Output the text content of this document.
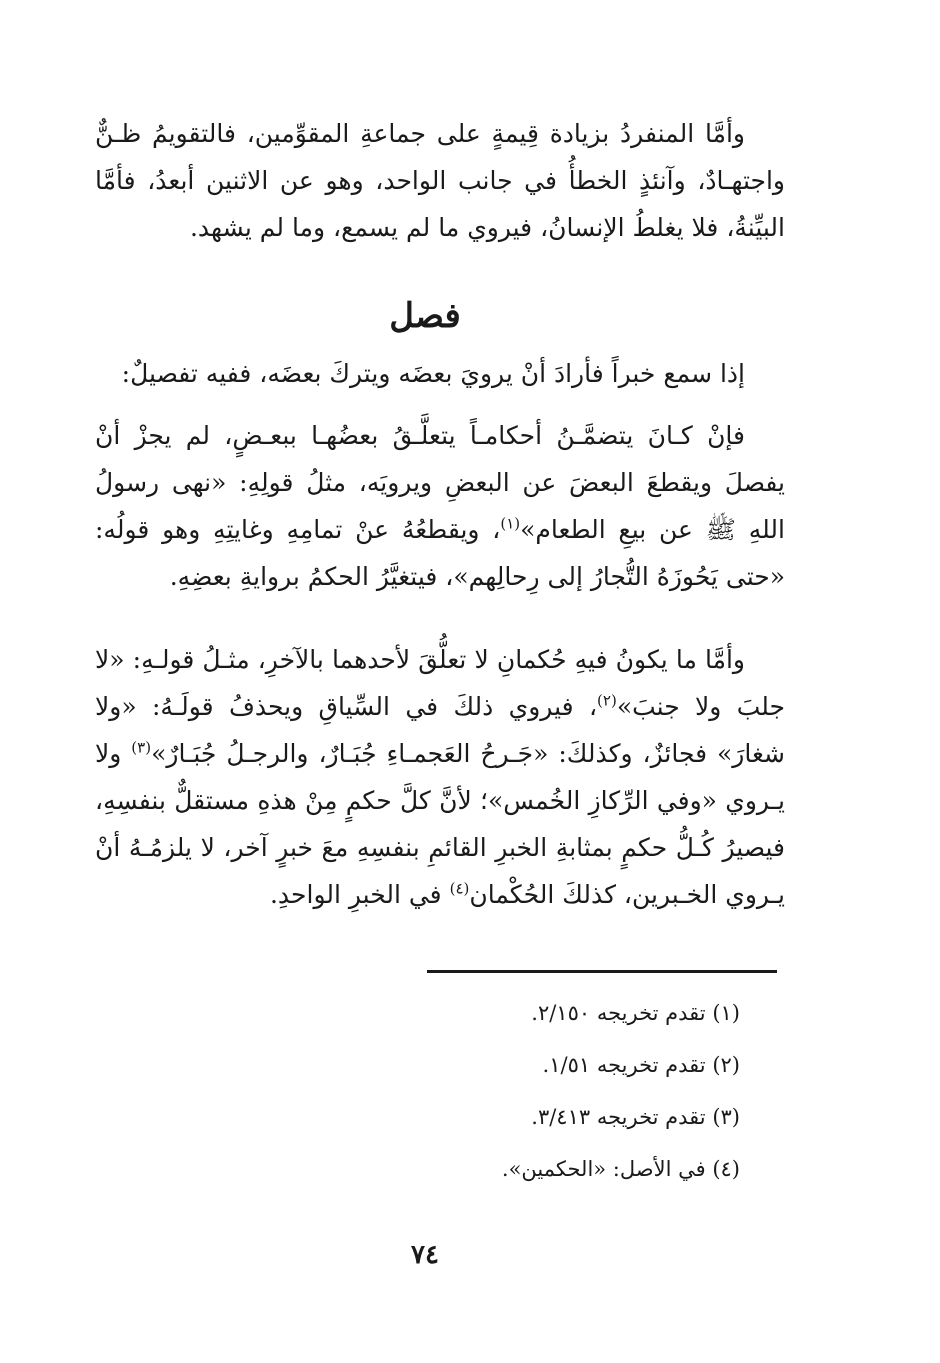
وأمَّا المنفردُ بزيادة قِيمةٍ على جماعةِ المقوِّمين، فالتقويمُ ظـنٌّ واجتهـادٌ، وآنئذٍ الخطأُ في جانب الواحد، وهو عن الاثنين أبعدُ، فأمَّا البيِّنةُ، فلا يغلطُ الإنسانُ، فيروي ما لم يسمع، وما لم يشهد.
فصل
إذا سمع خبراً فأرادَ أنْ يرويَ بعضَه ويتركَ بعضَه، ففيه تفصيلٌ:
فإنْ كـانَ يتضمَّـنُ أحكامـاً يتعلَّـقُ بعضُهـا ببعـضٍ، لم يجزْ أنْ يفصلَ ويقطعَ البعضَ عن البعضِ ويرويَه، مثلُ قولِهِ: «نهى رسولُ اللهِ ﷺ عن بيعِ الطعام»$^{(١)}$، ويقطعُهُ عنْ تمامِهِ وغايتِهِ وهو قولُه: «حتى يَحُوزَهُ التُّجارُ إلى رِحالِهم»، فيتغيَّرُ الحكمُ بروايةِ بعضِهِ.
وأمَّا ما يكونُ فيهِ حُكمانِ لا تعلُّقَ لأحدهما بالآخرِ، مثـلُ قولـهِ: «لا جلبَ ولا جنبَ»$^{(٢)}$، فيروي ذلكَ في السِّياقِ ويحذفُ قولَـهُ: «ولا شغارَ» فجائزٌ، وكذلكَ: «جَـرحُ العَجمـاءِ جُبَـارٌ، والرجـلُ جُبَـارٌ»$^{(٣)}$ ولا يـروي «وفي الرِّكازِ الخُمس»؛ لأنَّ كلَّ حكمٍ مِنْ هذهِ مستقلٌّ بنفسِهِ، فيصيرُ كُـلُّ حكمٍ بمثابةِ الخبرِ القائمِ بنفسِهِ معَ خبرٍ آخر، لا يلزمُـهُ أنْ يـروي الخـبرين، كذلكَ الحُكْمان$^{(٤)}$ في الخبرِ الواحدِ.
(١) تقدم تخريجه ٢/١٥٠.
(٢) تقدم تخريجه ١/٥١.
(٣) تقدم تخريجه ٣/٤١٣.
(٤) في الأصل: «الحكمين».
٧٤
